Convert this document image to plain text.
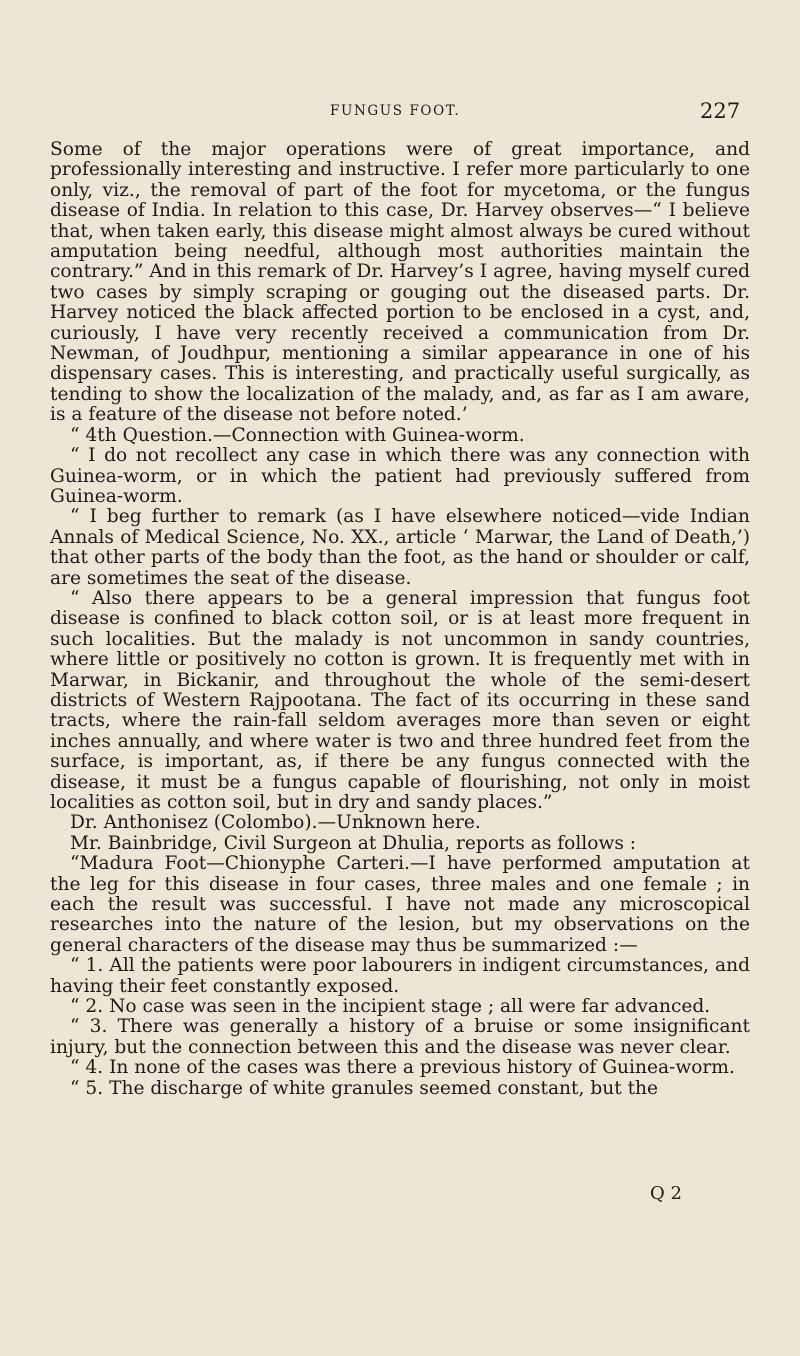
FUNGUS FOOT.	227

Some of the major operations were of great importance, and professionally interesting and instructive. I refer more particularly to one only, viz., the removal of part of the foot for mycetoma, or the fungus disease of India. In relation to this case, Dr. Harvey observes—“ I believe that, when taken early, this disease might almost always be cured without amputation being needful, although most authorities maintain the contrary.” And in this remark of Dr. Harvey’s I agree, having myself cured two cases by simply scraping or gouging out the diseased parts. Dr. Harvey noticed the black affected portion to be enclosed in a cyst, and, curiously, I have very recently received a communication from Dr. Newman, of Joudhpur, mentioning a similar appearance in one of his dispensary cases. This is interesting, and practically useful surgically, as tending to show the localization of the malady, and, as far as I am aware, is a feature of the disease not before noted.’

“ 4th Question.—Connection with Guinea-worm.

“ I do not recollect any case in which there was any connection with Guinea-worm, or in which the patient had previously suffered from Guinea-worm.

“ I beg further to remark (as I have elsewhere noticed—vide Indian Annals of Medical Science, No. XX., article ‘ Marwar, the Land of Death,’) that other parts of the body than the foot, as the hand or shoulder or calf, are sometimes the seat of the disease.

“ Also there appears to be a general impression that fungus foot disease is confined to black cotton soil, or is at least more frequent in such localities. But the malady is not uncommon in sandy countries, where little or positively no cotton is grown. It is frequently met with in Marwar, in Bickanir, and throughout the whole of the semi-desert districts of Western Rajpootana. The fact of its occurring in these sand tracts, where the rain-fall seldom averages more than seven or eight inches annually, and where water is two and three hundred feet from the surface, is important, as, if there be any fungus connected with the disease, it must be a fungus capable of flourishing, not only in moist localities as cotton soil, but in dry and sandy places.”

Dr. Anthonisez (Colombo).—Unknown here.

Mr. Bainbridge, Civil Surgeon at Dhulia, reports as follows :

“Madura Foot—Chionyphe Carteri.—I have performed amputation at the leg for this disease in four cases, three males and one female ; in each the result was successful. I have not made any microscopical researches into the nature of the lesion, but my observations on the general characters of the disease may thus be summarized :—

“ 1. All the patients were poor labourers in indigent circumstances, and having their feet constantly exposed.

“ 2. No case was seen in the incipient stage ; all were far advanced.

“ 3. There was generally a history of a bruise or some insignificant injury, but the connection between this and the disease was never clear.

“ 4. In none of the cases was there a previous history of Guinea-worm.

“ 5. The discharge of white granules seemed constant, but the

Q 2
